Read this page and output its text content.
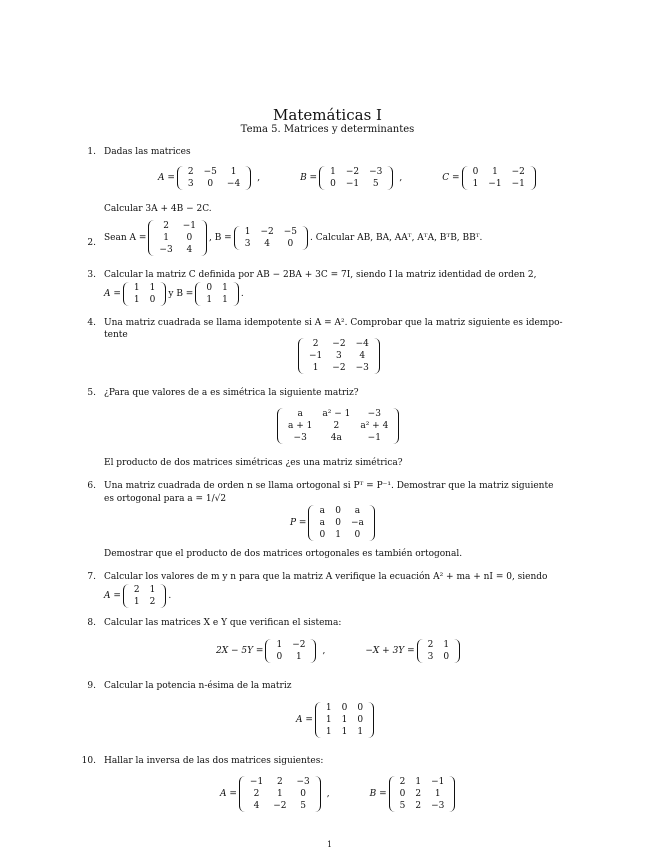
Matemáticas I
Tema 5. Matrices y determinantes
1. Dadas las matrices
A =
2	−5	1
3	0	−4
,	B =
1	−2	−3
0	−1	5
,	C =
0	1	−2
1	−1	−1
Calcular 3A + 4B − 2C.
2. Sean A =
2	−1
1	0
−3	4
, B =
1	−2	−5
3	4	0
. Calcular AB, BA, AAᵀ, AᵀA, BᵀB, BBᵀ.
3. Calcular la matriz C definida por AB − 2BA + 3C = 7I, siendo I la matriz identidad de orden 2,
A =
1	1
1	0
y B =
0	1
1	1
.
4. Una matriz cuadrada se llama idempotente si A = A². Comprobar que la matriz siguiente es idempo-
tente
2	−2	−4
−1	3	4
1	−2	−3
5. ¿Para que valores de a es simétrica la siguiente matriz?
a	a² − 1	−3
a + 1	2	a² + 4
−3	4a	−1
El producto de dos matrices simétricas ¿es una matriz simétrica?
6. Una matriz cuadrada de orden n se llama ortogonal si Pᵀ = P⁻¹. Demostrar que la matriz siguiente
es ortogonal para a = 1/√2
P =
a	0	a
a	0	−a
0	1	0
Demostrar que el producto de dos matrices ortogonales es también ortogonal.
7. Calcular los valores de m y n para que la matriz A verifique la ecuación A² + ma + nI = 0, siendo
A =
2	1
1	2
.
8. Calcular las matrices X e Y que verifican el sistema:
2X − 5Y =
1	−2
0	1
,	−X + 3Y =
2	1
3	0
9. Calcular la potencia n-ésima de la matriz
A =
1	0	0
1	1	0
1	1	1
10. Hallar la inversa de las dos matrices siguientes:
A =
−1	2	−3
2	1	0
4	−2	5
,	B =
2	1	−1
0	2	1
5	2	−3
1
